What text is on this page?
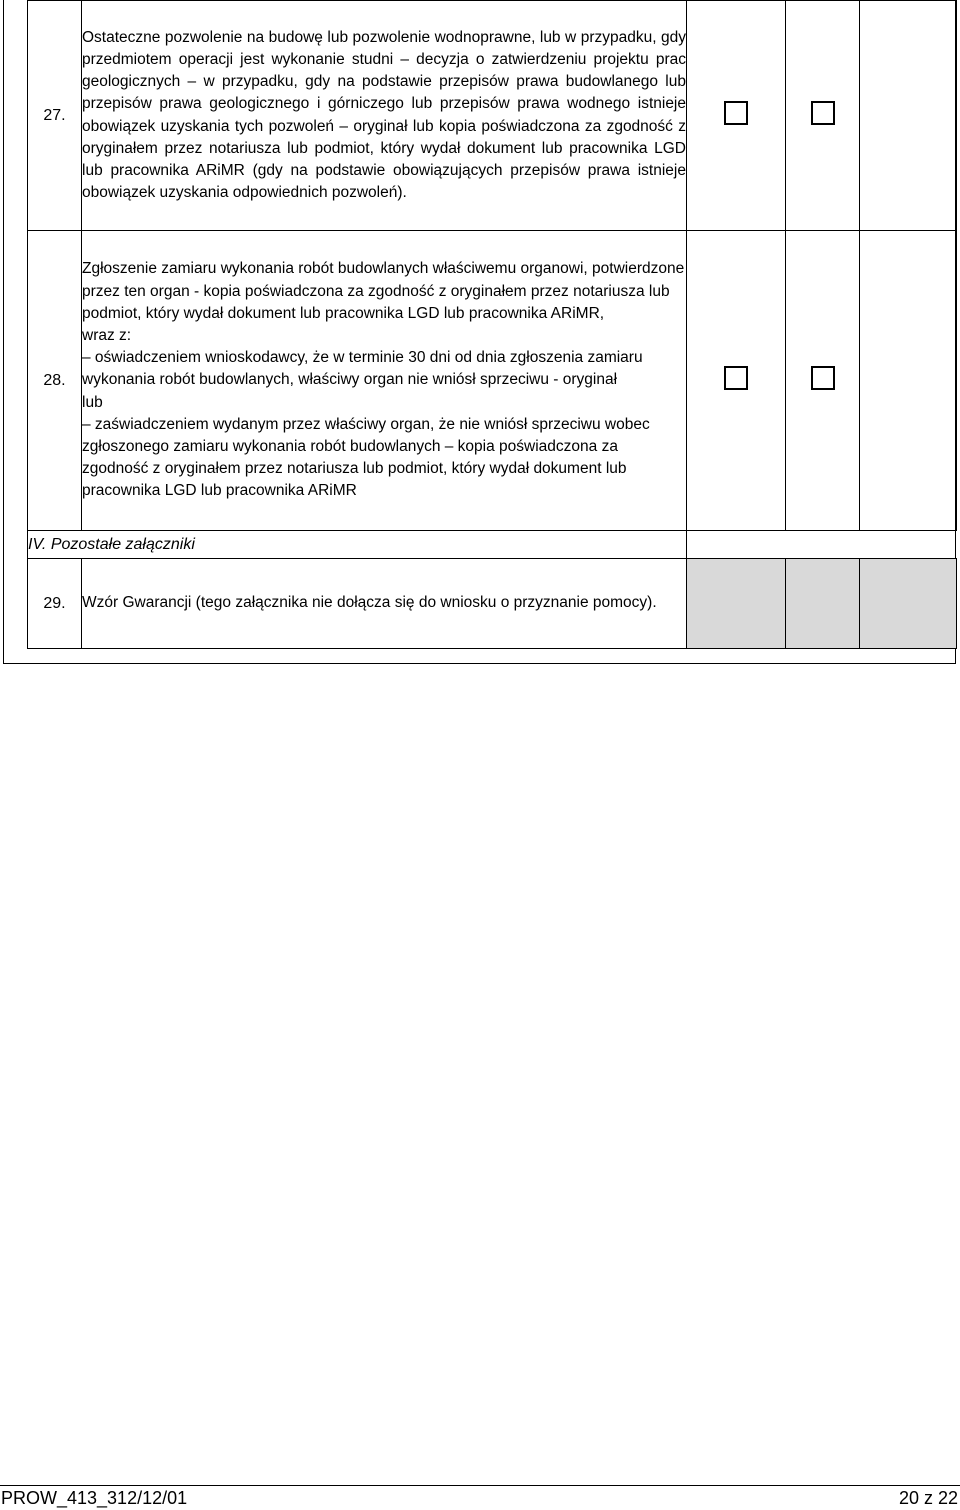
27.	Ostateczne pozwolenie na budowę lub pozwolenie wodnoprawne, lub w przypadku, gdy przedmiotem operacji jest wykonanie studni – decyzja o zatwierdzeniu projektu prac geologicznych – w przypadku, gdy na podstawie przepisów prawa budowlanego lub przepisów prawa geologicznego i górniczego lub przepisów prawa wodnego istnieje obowiązek uzyskania tych pozwoleń – oryginał lub kopia poświadczona za zgodność z oryginałem przez notariusza lub podmiot, który wydał dokument lub pracownika LGD lub pracownika ARiMR (gdy na podstawie obowiązujących przepisów prawa istnieje obowiązek uzyskania odpowiednich pozwoleń).			

28.	Zgłoszenie zamiaru wykonania robót budowlanych właściwemu organowi, potwierdzone przez ten organ - kopia poświadczona za zgodność z oryginałem przez notariusza lub podmiot, który wydał dokument lub pracownika LGD lub pracownika ARiMR,

wraz z:

– oświadczeniem wnioskodawcy, że w terminie 30 dni od dnia zgłoszenia zamiaru wykonania robót budowlanych, właściwy organ nie wniósł sprzeciwu - oryginał

lub

– zaświadczeniem wydanym przez właściwy organ, że nie wniósł sprzeciwu wobec zgłoszonego zamiaru wykonania robót budowlanych – kopia poświadczona za zgodność z oryginałem przez notariusza lub podmiot, który wydał dokument lub pracownika LGD lub pracownika ARiMR			

IV. Pozostałe załączniki				
29.	Wzór Gwarancji (tego załącznika nie dołącza się do wniosku o przyznanie pomocy).			

PROW_413_312/12/01	20 z 22
